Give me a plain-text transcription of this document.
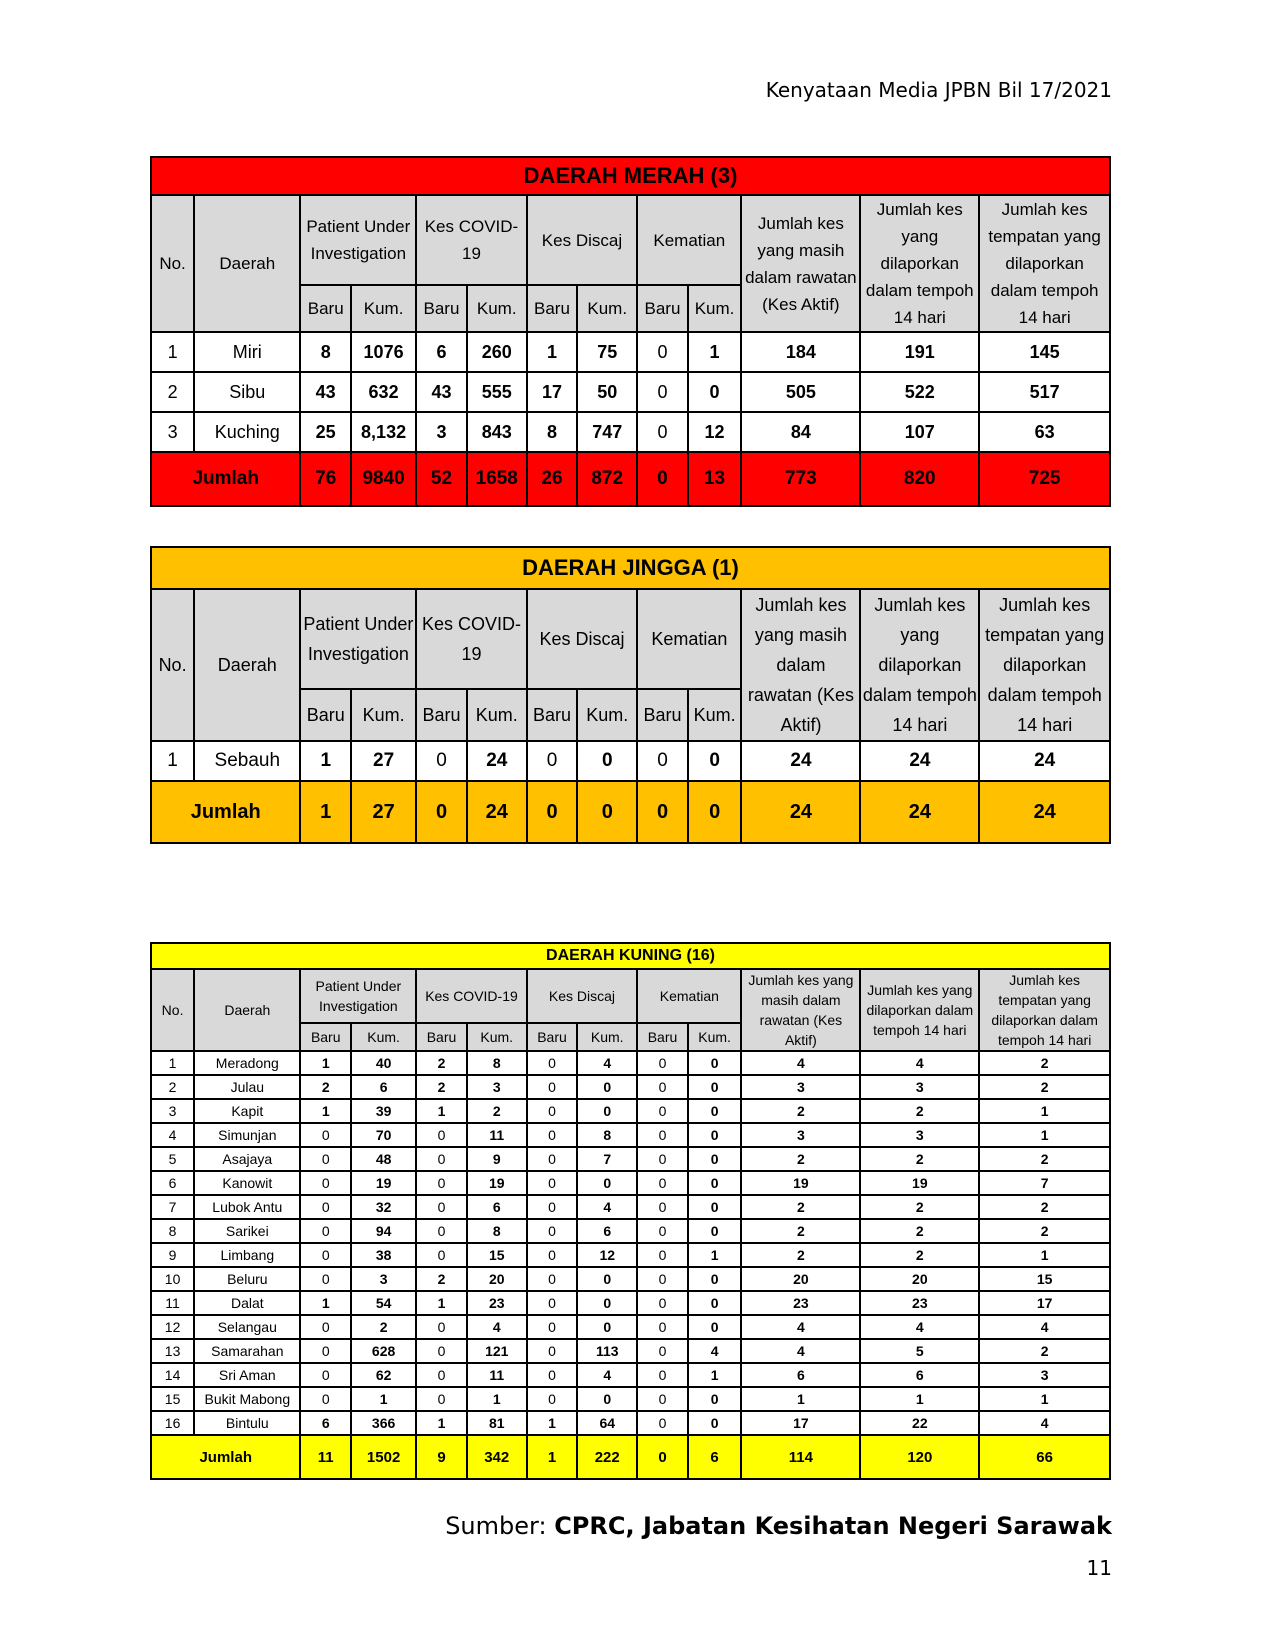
Kenyataan Media JPBN Bil 17/2021
DAERAH MERAH (3)												
No.	Daerah	Patient Under Investigation		Kes COVID-19		Kes Discaj		Kematian		Jumlah kes yang masih dalam rawatan (Kes Aktif)	Jumlah kes yang dilaporkan dalam tempoh 14 hari	Jumlah kes tempatan yang dilaporkan dalam tempoh 14 hari
		Baru	Kum.	Baru	Kum.	Baru	Kum.	Baru	Kum.			
1	Miri	8	1076	6	260	1	75	0	1	184	191	145
2	Sibu	43	632	43	555	17	50	0	0	505	522	517
3	Kuching	25	8,132	3	843	8	747	0	12	84	107	63
Jumlah		76	9840	52	1658	26	872	0	13	773	820	725
DAERAH JINGGA (1)												
No.	Daerah	Patient Under Investigation		Kes COVID-19		Kes Discaj		Kematian		Jumlah kes yang masih dalam rawatan (Kes Aktif)	Jumlah kes yang dilaporkan dalam tempoh 14 hari	Jumlah kes tempatan yang dilaporkan dalam tempoh 14 hari
		Baru	Kum.	Baru	Kum.	Baru	Kum.	Baru	Kum.			
1	Sebauh	1	27	0	24	0	0	0	0	24	24	24
Jumlah		1	27	0	24	0	0	0	0	24	24	24
DAERAH KUNING (16)												
No.	Daerah	Patient Under Investigation		Kes COVID-19		Kes Discaj		Kematian		Jumlah kes yang masih dalam rawatan (Kes Aktif)	Jumlah kes yang dilaporkan dalam tempoh 14 hari	Jumlah kes tempatan yang dilaporkan dalam tempoh 14 hari
		Baru	Kum.	Baru	Kum.	Baru	Kum.	Baru	Kum.			
1	Meradong	1	40	2	8	0	4	0	0	4	4	2
2	Julau	2	6	2	3	0	0	0	0	3	3	2
3	Kapit	1	39	1	2	0	0	0	0	2	2	1
4	Simunjan	0	70	0	11	0	8	0	0	3	3	1
5	Asajaya	0	48	0	9	0	7	0	0	2	2	2
6	Kanowit	0	19	0	19	0	0	0	0	19	19	7
7	Lubok Antu	0	32	0	6	0	4	0	0	2	2	2
8	Sarikei	0	94	0	8	0	6	0	0	2	2	2
9	Limbang	0	38	0	15	0	12	0	1	2	2	1
10	Beluru	0	3	2	20	0	0	0	0	20	20	15
11	Dalat	1	54	1	23	0	0	0	0	23	23	17
12	Selangau	0	2	0	4	0	0	0	0	4	4	4
13	Samarahan	0	628	0	121	0	113	0	4	4	5	2
14	Sri Aman	0	62	0	11	0	4	0	1	6	6	3
15	Bukit Mabong	0	1	0	1	0	0	0	0	1	1	1
16	Bintulu	6	366	1	81	1	64	0	0	17	22	4
Jumlah		11	1502	9	342	1	222	0	6	114	120	66
Sumber: CPRC, Jabatan Kesihatan Negeri Sarawak
11
